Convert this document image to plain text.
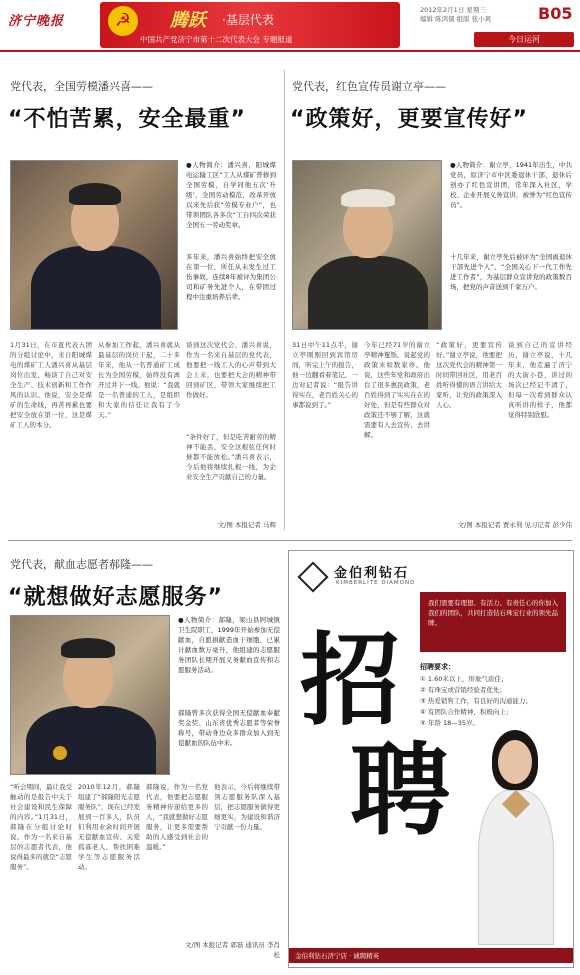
济宁晚报	☭	腾跃 ·基层代表
中国共产党济宁市第十二次代表大会 专题报道
2012年2月1日 星期三
编辑 陈鸿儒 组版 张小爽	B05
今日运河
党代表，全国劳模潘兴喜——
“不怕苦累，安全最重”
●人物简介：潘兴喜，阳城煤电运输工区“工人从煤矿普修到全国劳模，自学同他五次‘升级’，全国劳动模范，改革开放以来先后获“劳模专业户”，也带领团队各多次“工自四次荣获全国五一劳动奖章。
多年来，潘兴喜始终把安全放在第一位，所任从未发生过工伤事故，连续8年被评为集团公司和矿务先进个人，在带团过程中注重培养后辈。
1月31日，在市直代表五团的分组讨论中，来自阳城煤电的煤矿工人潘兴喜从基层岗位出发，畅谈了自己对安全生产、技术创新和工作作风的认识。他说，安全是煤矿的生命线，再苦再累也要把安全放在第一位，这是煤矿工人的本分。
从参加工作起，潘兴喜就从最基层的岗位干起，二十多年来，他从一名普通矿工成长为全国劳模，始终没有离开过井下一线。他说：“我就是一名普通的工人，是组织和大家的信任让我有了今天。”
谈到这次党代会，潘兴喜说，作为一名来自基层的党代表，他要把一线工人的心声带到大会上来，也要把大会的精神带回到矿区，带领大家继续把工作做好。
“条件好了，但是吃苦耐劳的精神不能丢，安全这根弦任何时候都不能放松。”潘兴喜表示，今后他将继续扎根一线，为企业安全生产贡献自己的力量。
文/图 本报记者 马辉
党代表，红色宣传员谢立亭——
“政策好，更要宣传好”
●人物简介：谢立亭，1941年出生，中共党员，原济宁市中区委退休干部，退休后创办了红色宣讲团，常年深入社区、学校、企业开展义务宣讲，被誉为“红色宣传员”。
十几年来，谢立亭先后被评为“全国离退休干部先进个人”、“全国关心下一代工作先进工作者”，为基层群众宣讲党的政策数百场，把党的声音送到千家万户。
31日中午11点半，谢立亭刚刚回到宾馆房间，听完上午的报告，他一边翻看着笔记，一边对记者说：“报告讲得实在，老百姓关心的事都说到了。”
今年已经71岁的谢立亭精神矍铄，说起党的政策来如数家珍。他说，这些年党和政府出台了很多惠民政策，老百姓得到了实实在在的好处，但是有些群众对政策还不够了解，这就需要有人去宣传、去讲解。
“政策好，更要宣传好。”谢立亭说，他要把这次党代会的精神第一时间带回社区，用老百姓听得懂的语言讲给大家听，让党的政策深入人心。
谈到自己的宣讲经历，谢立亭说，十几年来，他走遍了济宁的大街小巷，讲过的场次已经记不清了，但每一次看到群众认真听讲的样子，他都觉得特别欣慰。
文/图 本报记者 贾永利 见习记者 彭少伟
党代表，献血志愿者郝隆——
“就想做好志愿服务”
●人物简介：郝隆，梁山县阿城镇卫生院职工，1999年开始参加无偿献血，自愿捐献造血干细胞，已累计献血数万毫升，他组建的志愿服务团队长期开展义务献血宣传和志愿服务活动。
郝隆曾多次获得全国无偿献血奉献奖金奖、山东省优秀志愿者等荣誉称号，带动身边众多群众加入到无偿献血的队伍中来。
“听会期间，最让我受触动的是报告中关于社会建设和民生保障的内容。”1月31日，郝隆在分组讨论时说。作为一名来自基层的志愿者代表，他说得最多的就是“志愿服务”。
2010年12月，郝隆组建了“郝隆阳光志愿服务队”，现在已经发展到一百多人，队员们利用业余时间开展无偿献血宣传、关爱孤寡老人、帮扶困难学生等志愿服务活动。
郝隆说，作为一名党代表，他要把志愿服务精神传递给更多的人，“我就想做好志愿服务，让更多需要帮助的人感受到社会的温暖。”
他表示，今后将继续带领志愿服务队深入基层，把志愿服务做得更细更实，为建设和谐济宁贡献一份力量。
文/图 本报记者 郭磊 通讯员 李肖松
金伯利钻石
KIMBERLITE DIAMOND
我们需要有理想、有活力、有责任心的你加入我们的团队，共同打造钻石珠宝行业的领先品牌。
招
聘
招聘要求：
① 1.60米以上，形象气质佳；
② 有珠宝或营销经验者优先；
③ 热爱销售工作，有良好的沟通能力；
④ 有团队合作精神，积极向上；
⑤ 年龄 18—35岁。
金伯利钻石济宁店 · 诚聘精英
